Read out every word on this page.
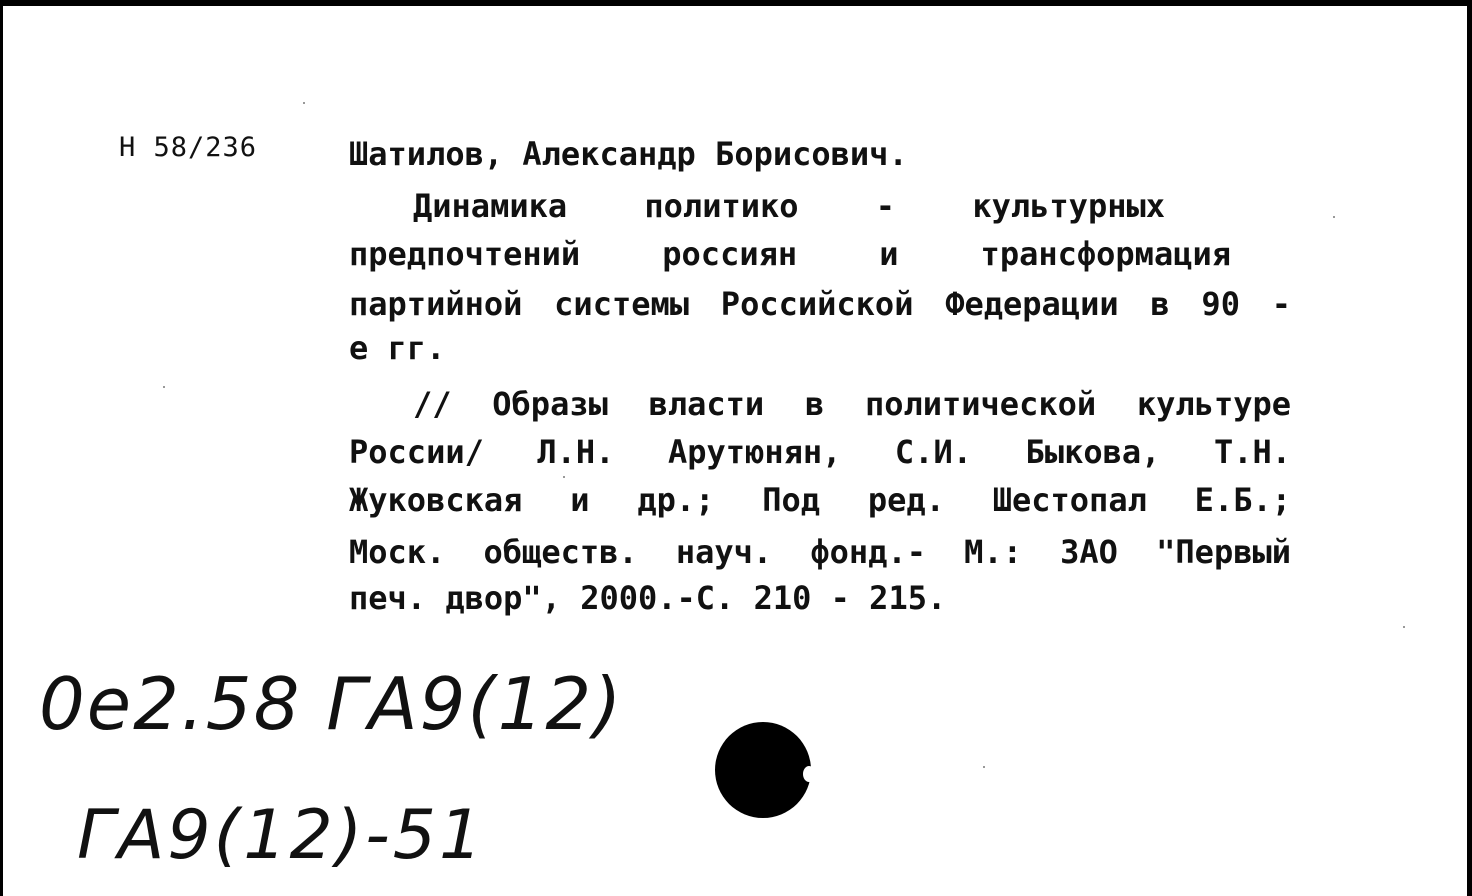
Н 58/236	Шатилов, Александр Борисович.
Динамика политико - культурных
предпочтений россиян и трансформация
партийной системы Российской Федерации в 90 -
е гг.
// Образы власти в политической культуре
России/ Л.Н. Арутюнян, С.И. Быкова, Т.Н.
Жуковская и др.; Под ред. Шестопал Е.Б.;
Моск. обществ. науч. фонд.- М.: ЗАО "Первый
печ. двор", 2000.-С. 210 - 215.
0е2.58 ГА9(12)
ГА9(12)-51
